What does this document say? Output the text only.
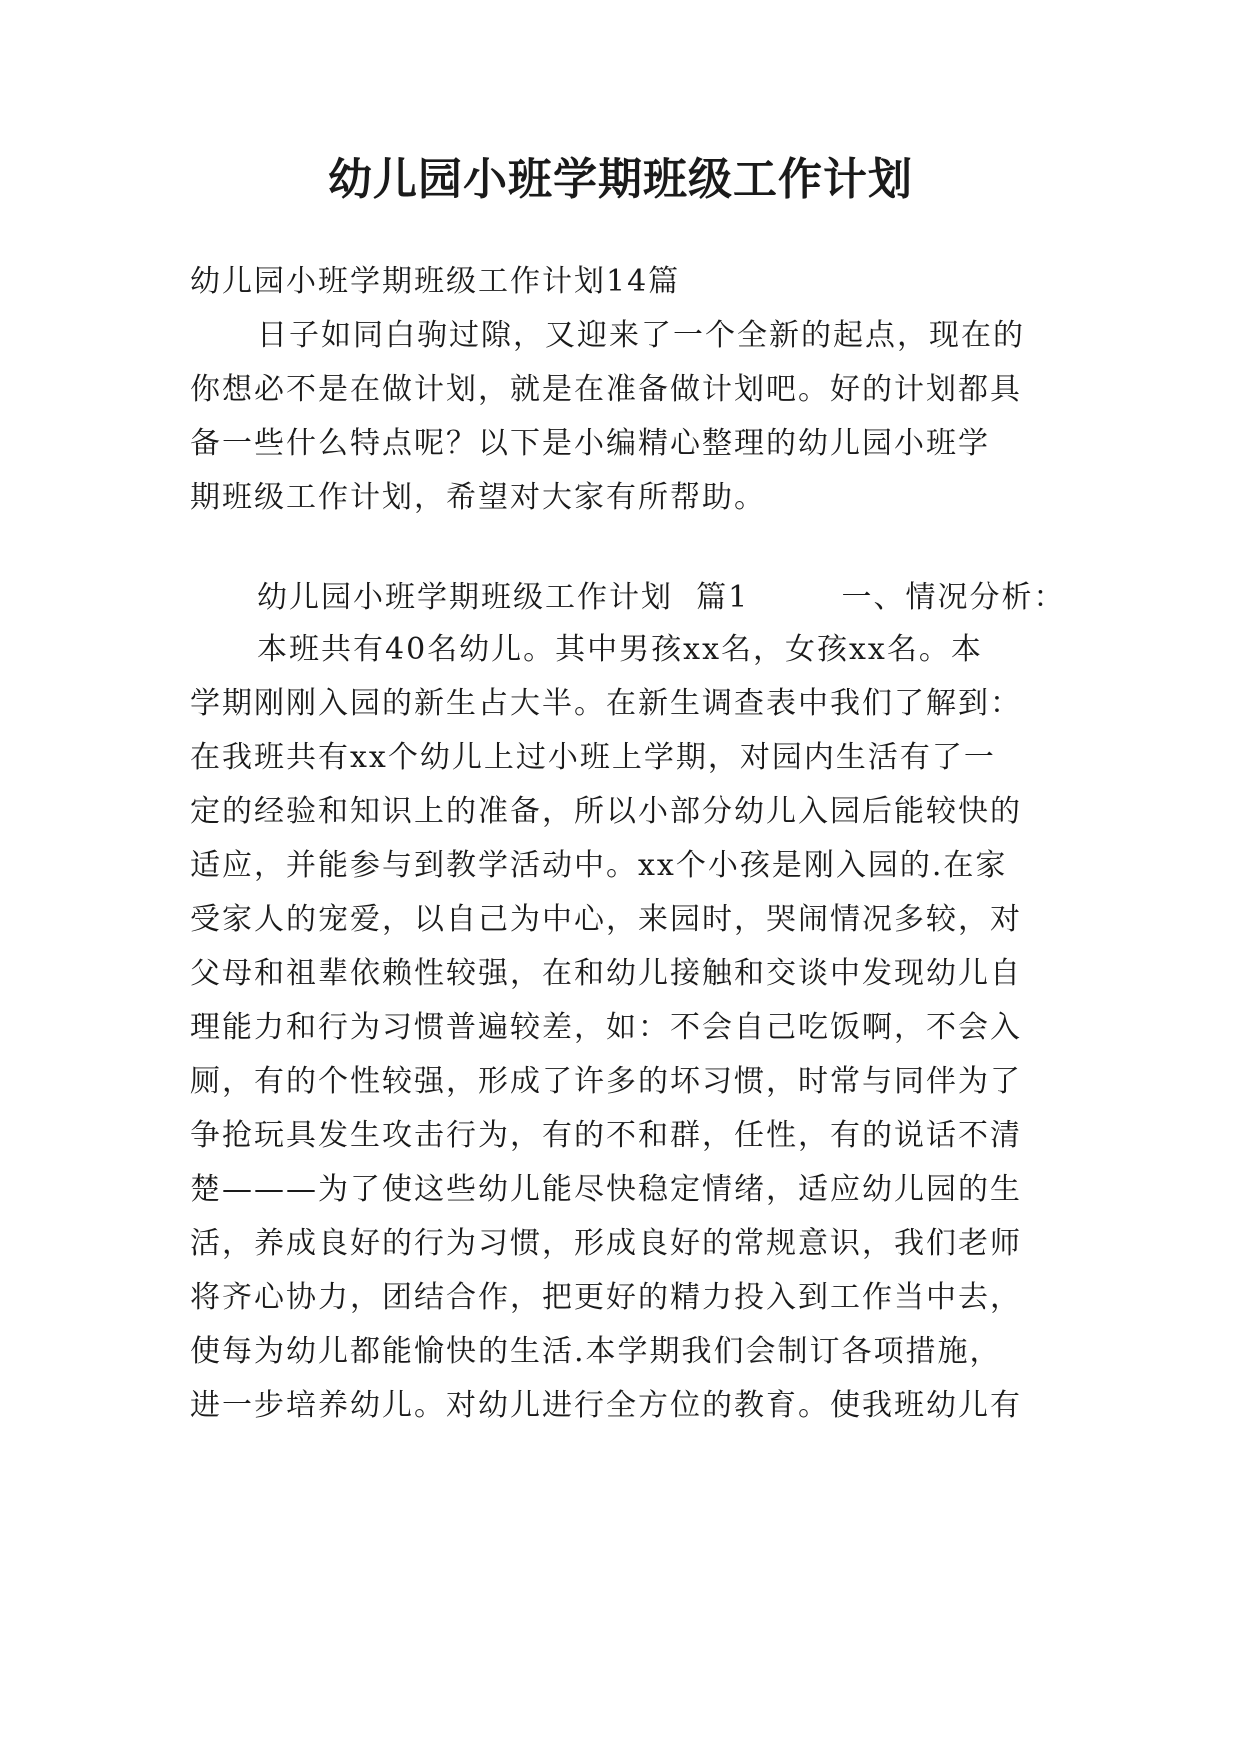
幼儿园小班学期班级工作计划

幼儿园小班学期班级工作计划14篇

日子如同白驹过隙，又迎来了一个全新的起点，现在的

你想必不是在做计划，就是在准备做计划吧。好的计划都具

备一些什么特点呢？以下是小编精心整理的幼儿园小班学

期班级工作计划，希望对大家有所帮助。

幼儿园小班学期班级工作计划  篇1        一、情况分析：

本班共有40名幼儿。其中男孩xx名，女孩xx名。本

学期刚刚入园的新生占大半。在新生调查表中我们了解到：

在我班共有xx个幼儿上过小班上学期，对园内生活有了一

定的经验和知识上的准备，所以小部分幼儿入园后能较快的

适应，并能参与到教学活动中。xx个小孩是刚入园的.在家

受家人的宠爱，以自己为中心，来园时，哭闹情况多较，对

父母和祖辈依赖性较强，在和幼儿接触和交谈中发现幼儿自

理能力和行为习惯普遍较差，如：不会自己吃饭啊，不会入

厕，有的个性较强，形成了许多的坏习惯，时常与同伴为了

争抢玩具发生攻击行为，有的不和群，任性，有的说话不清

楚———为了使这些幼儿能尽快稳定情绪，适应幼儿园的生

活，养成良好的行为习惯，形成良好的常规意识，我们老师

将齐心协力，团结合作，把更好的精力投入到工作当中去，

使每为幼儿都能愉快的生活.本学期我们会制订各项措施，

进一步培养幼儿。对幼儿进行全方位的教育。使我班幼儿有
